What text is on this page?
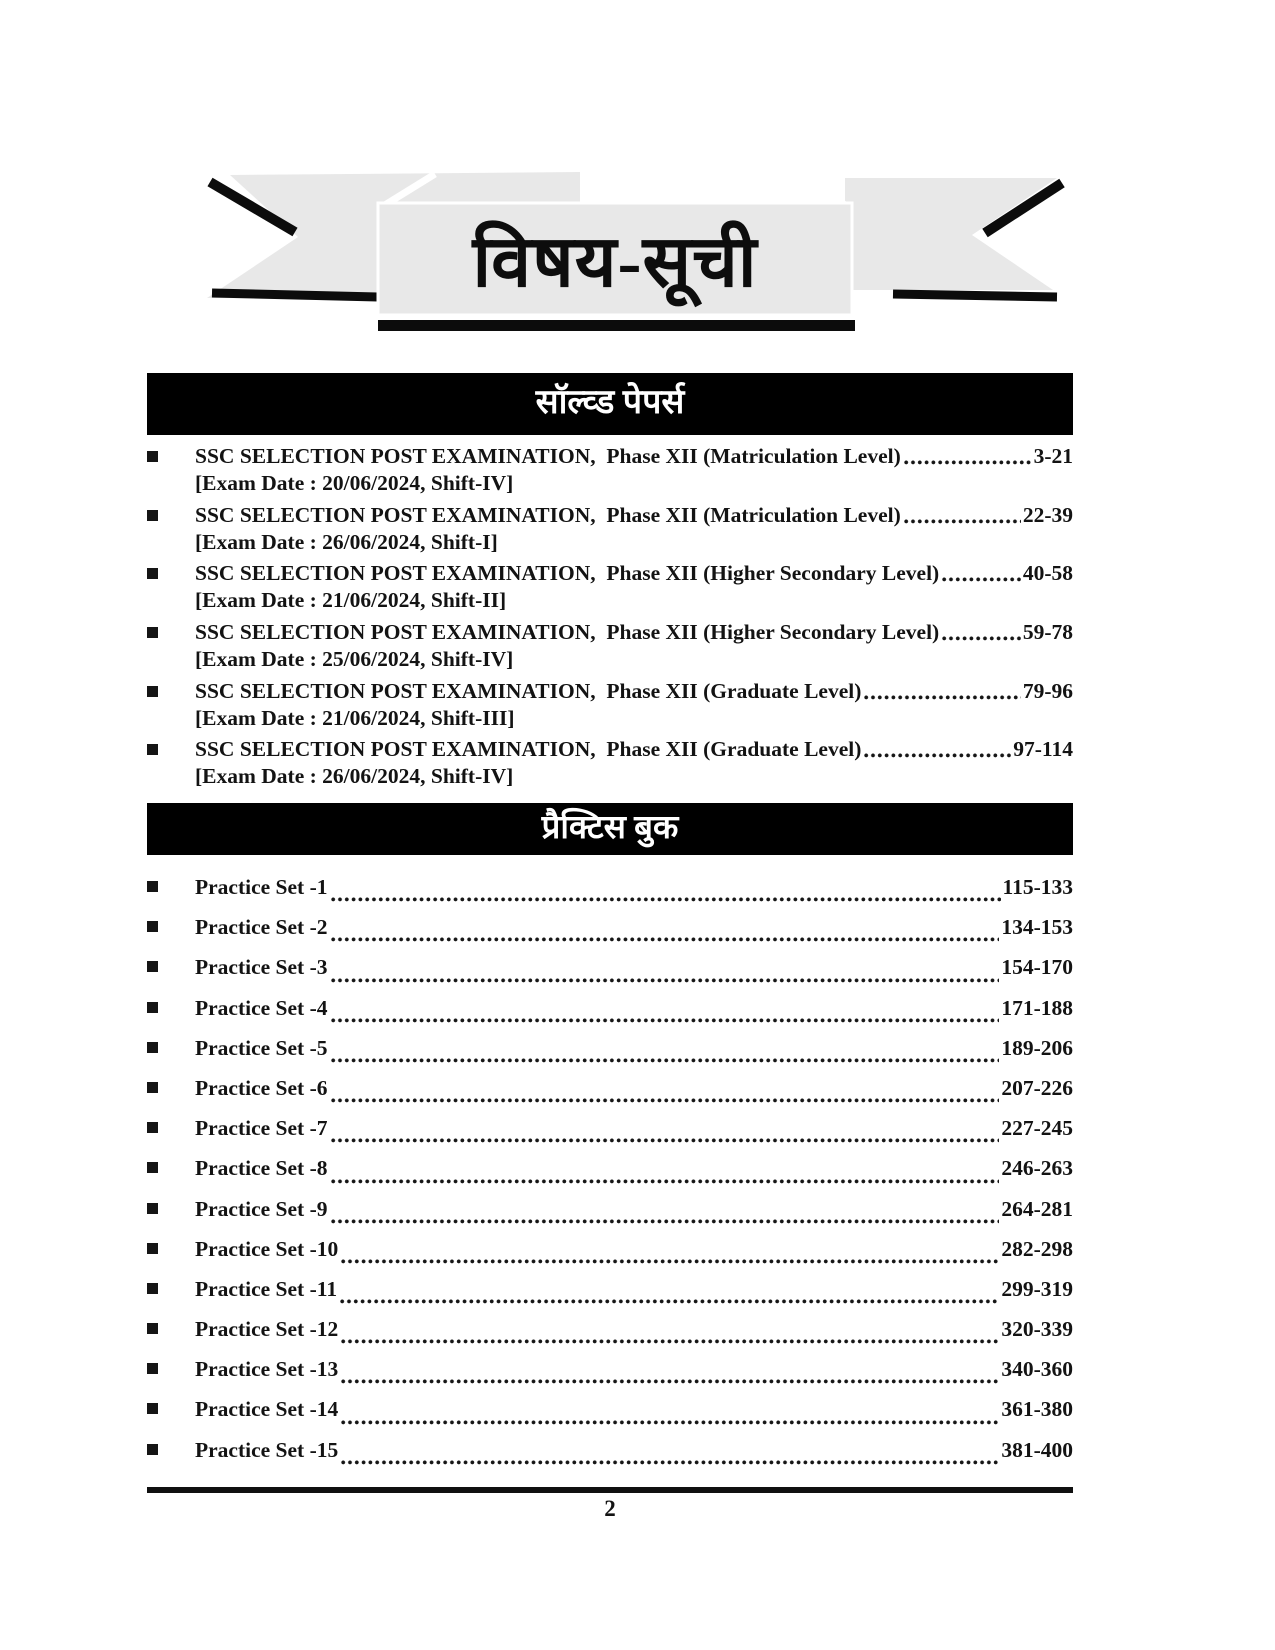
विषय-सूची
सॉल्व्ड पेपर्स
SSC SELECTION POST EXAMINATION,  Phase XII (Matriculation Level)	3-21
[Exam Date : 20/06/2024, Shift-IV]
SSC SELECTION POST EXAMINATION,  Phase XII (Matriculation Level)	22-39
[Exam Date : 26/06/2024, Shift-I]
SSC SELECTION POST EXAMINATION,  Phase XII (Higher Secondary Level)	40-58
[Exam Date : 21/06/2024, Shift-II]
SSC SELECTION POST EXAMINATION,  Phase XII (Higher Secondary Level)	59-78
[Exam Date : 25/06/2024, Shift-IV]
SSC SELECTION POST EXAMINATION,  Phase XII (Graduate Level)	79-96
[Exam Date : 21/06/2024, Shift-III]
SSC SELECTION POST EXAMINATION,  Phase XII (Graduate Level)	97-114
[Exam Date : 26/06/2024, Shift-IV]
प्रैक्टिस बुक
Practice Set -1	115-133
Practice Set -2	134-153
Practice Set -3	154-170
Practice Set -4	171-188
Practice Set -5	189-206
Practice Set -6	207-226
Practice Set -7	227-245
Practice Set -8	246-263
Practice Set -9	264-281
Practice Set -10	282-298
Practice Set -11	299-319
Practice Set -12	320-339
Practice Set -13	340-360
Practice Set -14	361-380
Practice Set -15	381-400
2
